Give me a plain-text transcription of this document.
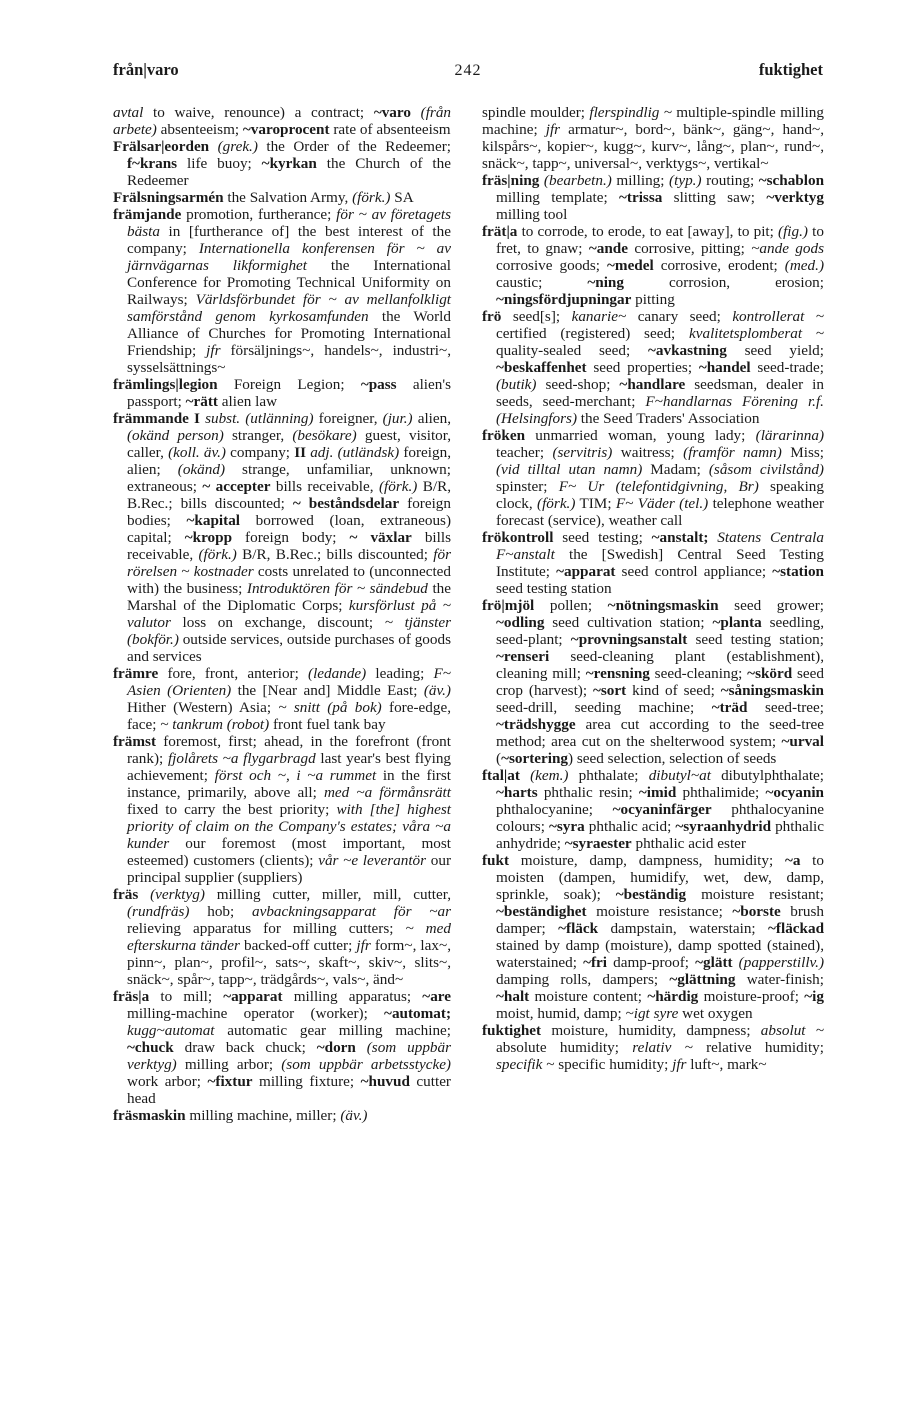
från|varo	242	fuktighet

avtal to waive, renounce) a contract; ~varo (från arbete) absenteeism; ~varoprocent rate of absenteeism

Frälsar|eorden (grek.) the Order of the Redeemer; f~krans life buoy; ~kyrkan the Church of the Redeemer

Frälsningsarmén the Salvation Army, (förk.) SA

främjande promotion, furtherance; för ~ av företagets bästa in [furtherance of] the best interest of the company; Internationella konferensen för ~ av järnvägarnas likformighet the International Conference for Promoting Technical Uniformity on Railways; Världsförbundet för ~ av mellanfolkligt samförstånd genom kyrkosamfunden the World Alliance of Churches for Promoting International Friendship; jfr försäljnings~, handels~, industri~, sysselsättnings~

främlings|legion Foreign Legion; ~pass alien's passport; ~rätt alien law

främmande I subst. (utlänning) foreigner, (jur.) alien, (okänd person) stranger, (besökare) guest, visitor, caller, (koll. äv.) company; II adj. (utländsk) foreign, alien; (okänd) strange, unfamiliar, unknown; extraneous; ~ accepter bills receivable, (förk.) B/R, B.Rec.; bills discounted; ~ beståndsdelar foreign bodies; ~kapital borrowed (loan, extraneous) capital; ~kropp foreign body; ~ växlar bills receivable, (förk.) B/R, B.Rec.; bills discounted; för rörelsen ~ kostnader costs unrelated to (unconnected with) the business; Introduktören för ~ sändebud the Marshal of the Diplomatic Corps; kursförlust på ~ valutor loss on exchange, discount; ~ tjänster (bokför.) outside services, outside purchases of goods and services

främre fore, front, anterior; (ledande) leading; F~ Asien (Orienten) the [Near and] Middle East; (äv.) Hither (Western) Asia; ~ snitt (på bok) fore-edge, face; ~ tankrum (robot) front fuel tank bay

främst foremost, first; ahead, in the forefront (front rank); fjolårets ~a flygarbragd last year's best flying achievement; först och ~, i ~a rummet in the first instance, primarily, above all; med ~a förmånsrätt fixed to carry the best priority; with [the] highest priority of claim on the Company's estates; våra ~a kunder our foremost (most important, most esteemed) customers (clients); vår ~e leverantör our principal supplier (suppliers)

fräs (verktyg) milling cutter, miller, mill, cutter, (rundfräs) hob; avbackningsapparat för ~ar relieving apparatus for milling cutters; ~ med efterskurna tänder backed-off cutter; jfr form~, lax~, pinn~, plan~, profil~, sats~, skaft~, skiv~, slits~, snäck~, spår~, tapp~, trädgårds~, vals~, änd~

fräs|a to mill; ~apparat milling apparatus; ~are milling-machine operator (worker); ~automat; kugg~automat automatic gear milling machine; ~chuck draw back chuck; ~dorn (som uppbär verktyg) milling arbor; (som uppbär arbetsstycke) work arbor; ~fixtur milling fixture; ~huvud cutter head

fräsmaskin milling machine, miller; (äv.)

spindle moulder; flerspindlig ~ multiple-spindle milling machine; jfr armatur~, bord~, bänk~, gäng~, hand~, kilspårs~, kopier~, kugg~, kurv~, lång~, plan~, rund~, snäck~, tapp~, universal~, verktygs~, vertikal~

fräs|ning (bearbetn.) milling; (typ.) routing; ~schablon milling template; ~trissa slitting saw; ~verktyg milling tool

frät|a to corrode, to erode, to eat [away], to pit; (fig.) to fret, to gnaw; ~ande corrosive, pitting; ~ande gods corrosive goods; ~medel corrosive, erodent; (med.) caustic; ~ning corrosion, erosion; ~ningsfördjupningar pitting

frö seed[s]; kanarie~ canary seed; kontrollerat ~ certified (registered) seed; kvalitetsplomberat ~ quality-sealed seed; ~avkastning seed yield; ~beskaffenhet seed properties; ~handel seed-trade; (butik) seed-shop; ~handlare seedsman, dealer in seeds, seed-merchant; F~handlarnas Förening r.f. (Helsingfors) the Seed Traders' Association

fröken unmarried woman, young lady; (lärarinna) teacher; (servitris) waitress; (framför namn) Miss; (vid tilltal utan namn) Madam; (såsom civilstånd) spinster; F~ Ur (telefontidgivning, Br) speaking clock, (förk.) TIM; F~ Väder (tel.) telephone weather forecast (service), weather call

frökontroll seed testing; ~anstalt; Statens Centrala F~anstalt the [Swedish] Central Seed Testing Institute; ~apparat seed control appliance; ~station seed testing station

frö|mjöl pollen; ~nötningsmaskin seed grower; ~odling seed cultivation station; ~planta seedling, seed-plant; ~provningsanstalt seed testing station; ~renseri seed-cleaning plant (establishment), cleaning mill; ~rensning seed-cleaning; ~skörd seed crop (harvest); ~sort kind of seed; ~såningsmaskin seed-drill, seeding machine; ~träd seed-tree; ~trädshygge area cut according to the seed-tree method; area cut on the shelterwood system; ~urval (~sortering) seed selection, selection of seeds

ftal|at (kem.) phthalate; dibutyl~at dibutylphthalate; ~harts phthalic resin; ~imid phthalimide; ~ocyanin phthalocyanine; ~ocyaninfärger phthalocyanine colours; ~syra phthalic acid; ~syraanhydrid phthalic anhydride; ~syraester phthalic acid ester

fukt moisture, damp, dampness, humidity; ~a to moisten (dampen, humidify, wet, dew, damp, sprinkle, soak); ~beständig moisture resistant; ~beständighet moisture resistance; ~borste brush damper; ~fläck dampstain, waterstain; ~fläckad stained by damp (moisture), damp spotted (stained), waterstained; ~fri damp-proof; ~glätt (papperstillv.) damping rolls, dampers; ~glättning water-finish; ~halt moisture content; ~härdig moisture-proof; ~ig moist, humid, damp; ~igt syre wet oxygen

fuktighet moisture, humidity, dampness; absolut ~ absolute humidity; relativ ~ relative humidity; specifik ~ specific humidity; jfr luft~, mark~
